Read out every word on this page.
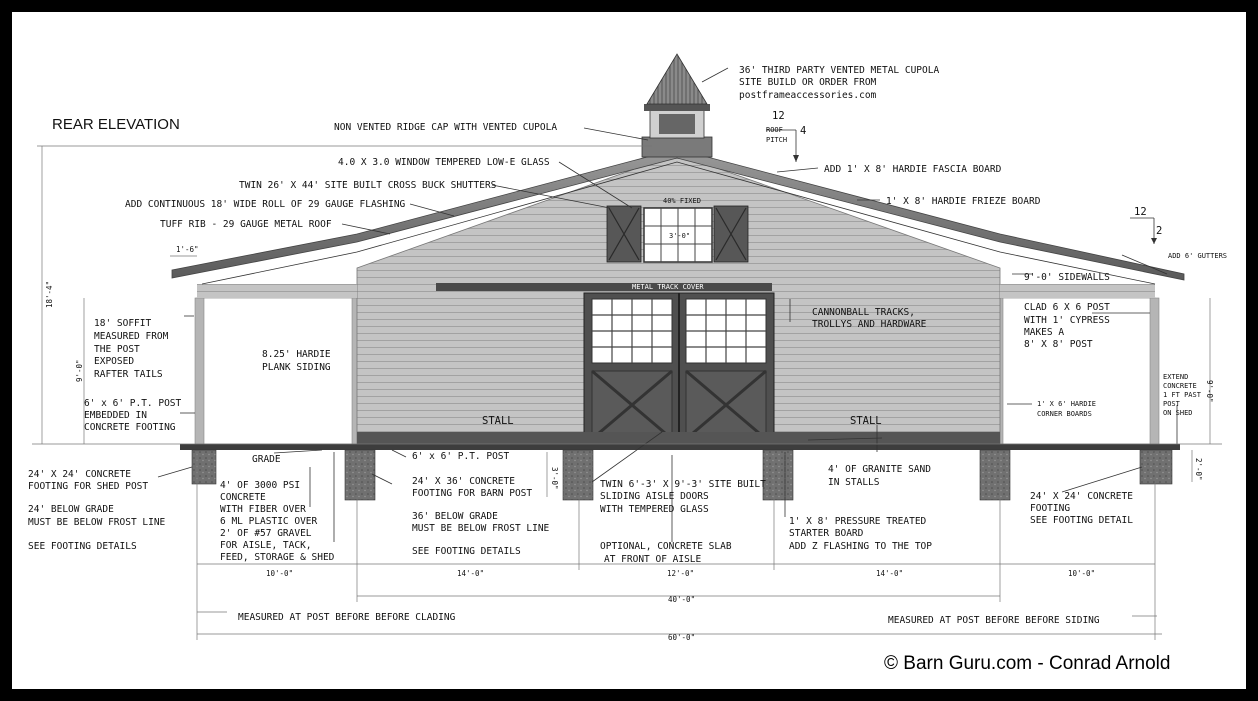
REAR ELEVATION
40% FIXED
3'-0"
METAL TRACK COVER
STALL	STALL
12
4
ROOF
PITCH
12
2
18'-4"
1'-6"
9'-0"
9'-0"
3'-0"	2'-0"
10'-0"	14'-0"	12'-0"	14'-0"	10'-0"
40'-0"
60'-0"
36' THIRD PARTY VENTED METAL CUPOLA
SITE BUILD OR ORDER FROM
postframeaccessories.com
NON VENTED RIDGE CAP WITH VENTED CUPOLA
4.0 X 3.0 WINDOW TEMPERED LOW-E GLASS
ADD 1' X 8' HARDIE FASCIA BOARD
TWIN 26' X 44' SITE BUILT CROSS BUCK SHUTTERS
1' X 8' HARDIE FRIEZE BOARD
ADD CONTINUOUS 18' WIDE ROLL OF 29 GAUGE FLASHING
TUFF RIB - 29 GAUGE METAL ROOF
ADD 6' GUTTERS
9'-0' SIDEWALLS
CANNONBALL TRACKS,
TROLLYS AND HARDWARE
CLAD 6 X 6 POST
WITH 1' CYPRESS
MAKES A
8' X 8' POST
18' SOFFIT
MEASURED FROM
THE POST
EXPOSED
RAFTER TAILS
8.25' HARDIE
PLANK SIDING
6' x 6' P.T. POST
EMBEDDED IN
CONCRETE FOOTING
EXTEND
CONCRETE
1 FT PAST
POST
ON SHED
1' X 6' HARDIE
CORNER BOARDS
GRADE	6' x 6' P.T. POST
24' X 24' CONCRETE
FOOTING FOR SHED POST
24' BELOW GRADE
MUST BE BELOW FROST LINE
SEE FOOTING DETAILS
4' OF 3000 PSI
CONCRETE
WITH FIBER OVER
6 ML PLASTIC OVER
2' OF #57 GRAVEL
FOR AISLE, TACK,
FEED, STORAGE & SHED
24' X 36' CONCRETE
FOOTING FOR BARN POST
36' BELOW GRADE
MUST BE BELOW FROST LINE
SEE FOOTING DETAILS
TWIN 6'-3' X 9'-3' SITE BUILT
SLIDING AISLE DOORS
WITH TEMPERED GLASS
OPTIONAL, CONCRETE SLAB
AT FRONT OF AISLE
4' OF GRANITE SAND
IN STALLS
1' X 8' PRESSURE TREATED
STARTER BOARD
ADD Z FLASHING TO THE TOP
24' X 24' CONCRETE
FOOTING
SEE FOOTING DETAIL
MEASURED AT POST BEFORE BEFORE CLADING	MEASURED AT POST BEFORE BEFORE SIDING
© Barn Guru.com - Conrad Arnold
